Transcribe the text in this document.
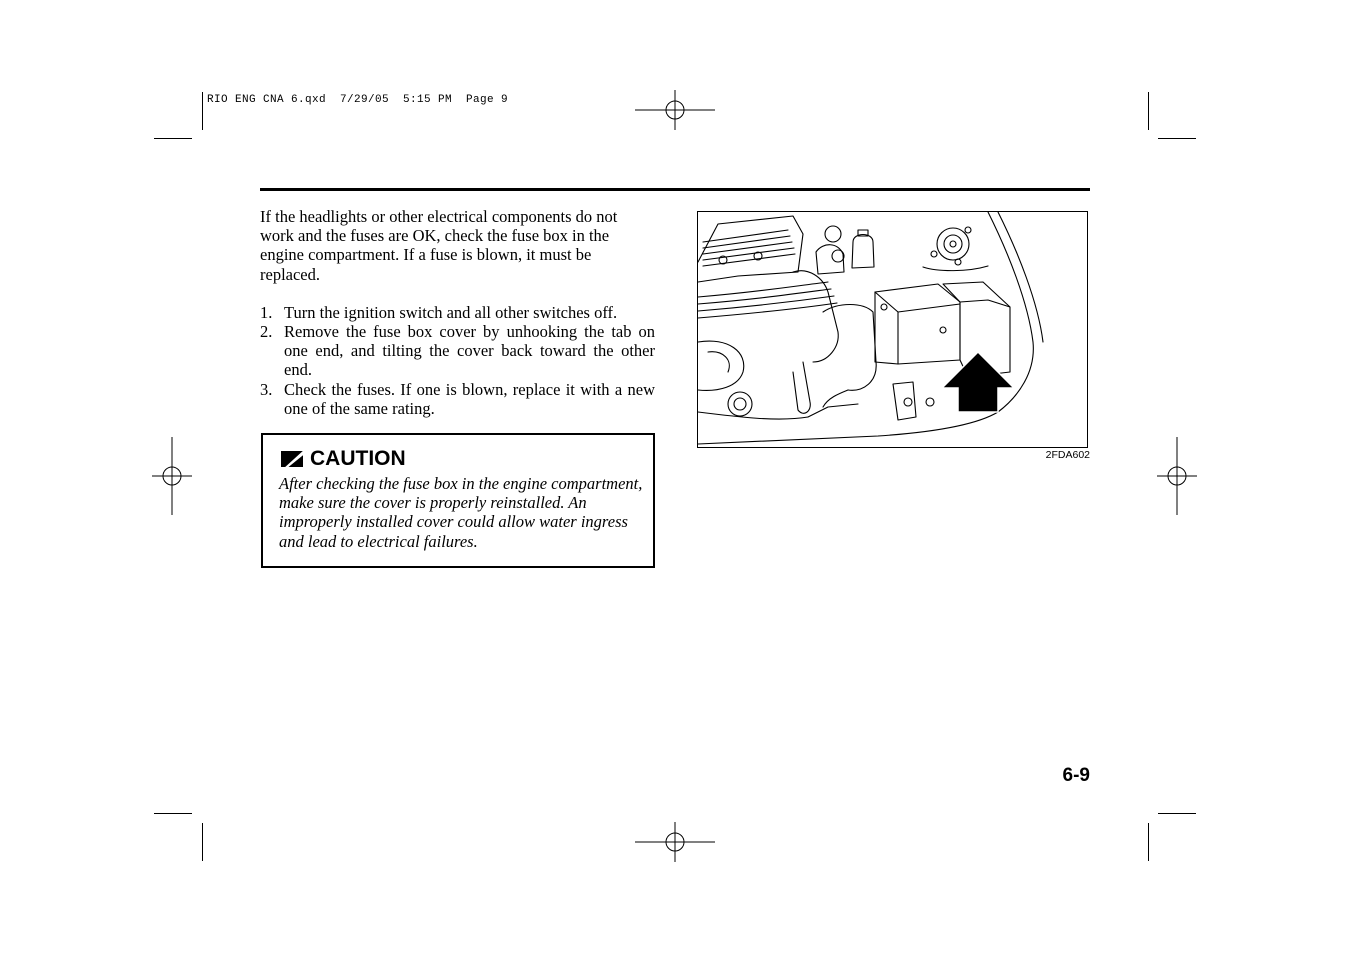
RIO ENG CNA 6.qxd  7/29/05  5:15 PM  Page 9

If the headlights or other electrical components do not work and the fuses are OK, check the fuse box in the engine compartment. If a fuse is blown, it must be replaced.

1. Turn the ignition switch and all other switches off.
2. Remove the fuse box cover by unhooking the tab on one end, and tilting the cover back toward the other end.
3. Check the fuses. If one is blown, replace it with a new one of the same rating.
CAUTION
After checking the fuse box in the engine compartment, make sure the cover is properly reinstalled. An improperly installed cover could allow water ingress and lead to electrical failures.
2FDA602
6-9
